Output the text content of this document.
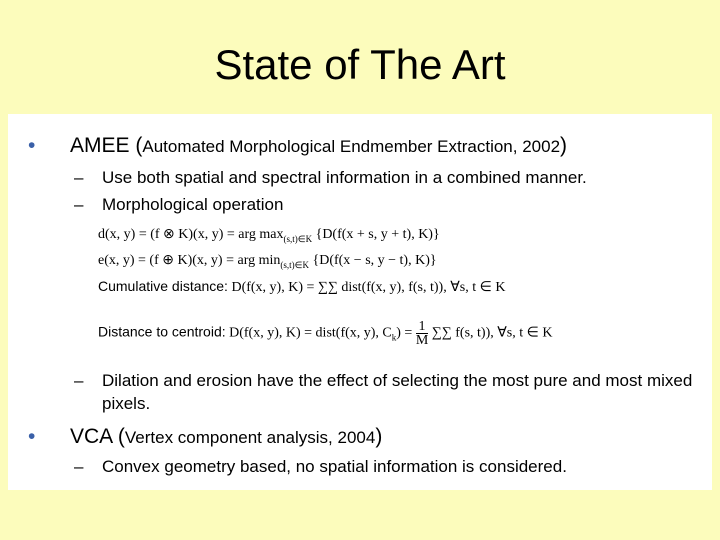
State of The Art
• AMEE (Automated Morphological Endmember Extraction, 2002)
– Use both spatial and spectral information in a combined manner.
– Morphological operation
d(x, y) = (f ⊗ K)(x, y) = arg $\max_{(s,t)\in K} \{D(f(x + s$, y + t), K)}
e(x, y) = (f ⊕ K)(x, y) = arg $\min_{(s,t)\in K} \{D(f(x - s$, y − t), K)}
Cumulative distance: D(f(x, y), K) = ∑∑ dist(f(x, y), f(s, t)), ∀s, t ∈ K
Distance to centroid: D(f(x, y), K) = dist(f(x, y), $C_k) = \frac{1}{M}$ ∑∑ f(s, t)), ∀s, t ∈ K
– Dilation and erosion have the effect of selecting the most pure and most mixed pixels.
• VCA (Vertex component analysis, 2004)
– Convex geometry based, no spatial information is considered.
